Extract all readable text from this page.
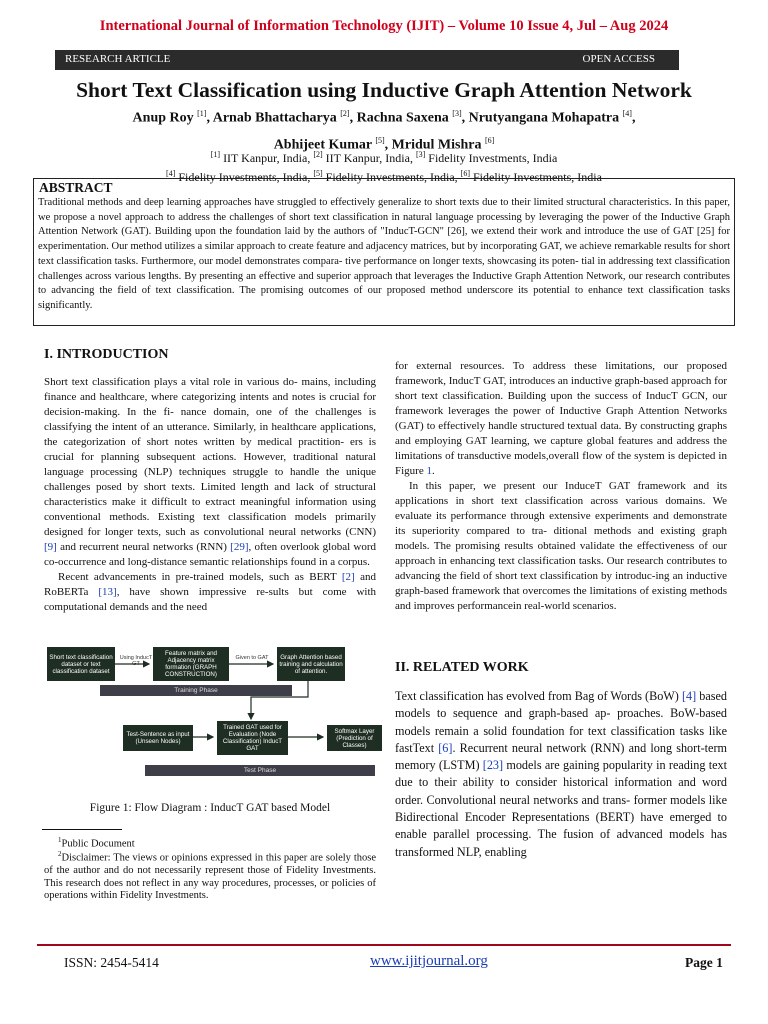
International Journal of Information Technology (IJIT) – Volume 10 Issue 4, Jul – Aug 2024
RESEARCH ARTICLE	OPEN ACCESS
Short Text Classification using Inductive Graph Attention Network
Anup Roy [1], Arnab Bhattacharya [2], Rachna Saxena [3], Nrutyangana Mohapatra [4],
Abhijeet Kumar [5], Mridul Mishra [6]
[1] IIT Kanpur, India, [2] IIT Kanpur, India, [3] Fidelity Investments, India
[4] Fidelity Investments, India, [5] Fidelity Investments, India, [6] Fidelity Investments, India
ABSTRACT

Traditional methods and deep learning approaches have struggled to effectively generalize to short texts due to their limited structural characteristics. In this paper, we propose a novel approach to address the challenges of short text classification in natural language processing by leveraging the power of the Inductive Graph Attention Network (GAT). Building upon the foundation laid by the authors of "InducT-GCN" [26], we extend their work and introduce the use of GAT [25] for experimentation. Our method utilizes a similar approach to create feature and adjacency matrices, but by incorporating GAT, we achieve remarkable results for short text classification tasks. Furthermore, our model demonstrates compara- tive performance on longer texts, showcasing its poten- tial in addressing text classification challenges across various lengths. By presenting an effective and superior approach that leverages the Inductive Graph Attention Network, our research contributes to advancing the field of text classification. The promising outcomes of our proposed method underscore its potential to enhance text classification tasks significantly.

I. INTRODUCTION

Short text classification plays a vital role in various do- mains, including finance and healthcare, where categorizing intents and notes is crucial for decision-making. In the fi- nance domain, one of the challenges is classifying the intent of an utterance. Similarly, in healthcare applications, the categorization of short notes written by medical practition- ers is crucial for planning subsequent actions. However, traditional natural language processing (NLP) techniques struggle to handle the unique challenges posed by short texts. Limited length and lack of structural characteristics make it difficult to extract meaningful information using conventional methods. Existing text classification models primarily designed for longer texts, such as convolutional neural networks (CNN) [9] and recurrent neural networks (RNN) [29], often overlook global word co-occurrence and long-distance semantic relationships found in a corpus.

Recent advancements in pre-trained models, such as BERT [2] and RoBERTa [13], have shown impressive re-sults but come with computational demands and the need

Short text classification dataset or text classification dataset
Feature matrix and Adjacency matrix formation (GRAPH CONSTRUCTION)
Graph Attention based training and calculation of attention.
Using InducT GT
Given to GAT
Training Phase
Test-Sentence as input (Unseen Nodes)
Trained GAT used for Evaluation (Node Classification) InducT GAT
Softmax Layer (Prediction of Classes)
Test Phase
Figure 1: Flow Diagram : InducT GAT based Model
$^1$Public Document
$^2$Disclaimer: The views or opinions expressed in this paper are solely those of the author and do not necessarily represent those of Fidelity Investments. This research does not reflect in any way procedures, processes, or policies of operations within Fidelity Investments.

for external resources. To address these limitations, our proposed framework, InducT GAT, introduces an inductive graph-based approach for short text classification. Building upon the success of InducT GCN, our framework leverages the power of Inductive Graph Attention Networks (GAT) to effectively handle structured textual data. By constructing graphs and employing GAT learning, we capture global features and address the limitations of transductive models,overall flow of the system is depicted in Figure 1.

In this paper, we present our InduceT GAT framework and its applications in short text classification across various domains. We evaluate its performance through extensive experiments and demonstrate its superiority compared to tra- ditional methods and existing graph models. The promising results obtained validate the effectiveness of our approach in enhancing text classification tasks. Our research contributes to advancing the field of short text classification by introduc-ing an inductive graph-based framework that overcomes the limitations of existing methods and improves performancein real-world scenarios.

II. RELATED WORK

Text classification has evolved from Bag of Words (BoW) [4] based models to sequence and graph-based ap- proaches. BoW-based models remain a solid foundation for text classification tasks like fastText [6]. Recurrent neural network (RNN) and long short-term memory (LSTM) [23] models are gaining popularity in reading text due to their ability to consider historical information and word order. Convolutional neural networks and trans- former models like Bidirectional Encoder Representations (BERT) have emerged to enable parallel processing. The fusion of advanced models has transformed NLP, enabling

ISSN: 2454-5414	www.ijitjournal.org	Page 1
